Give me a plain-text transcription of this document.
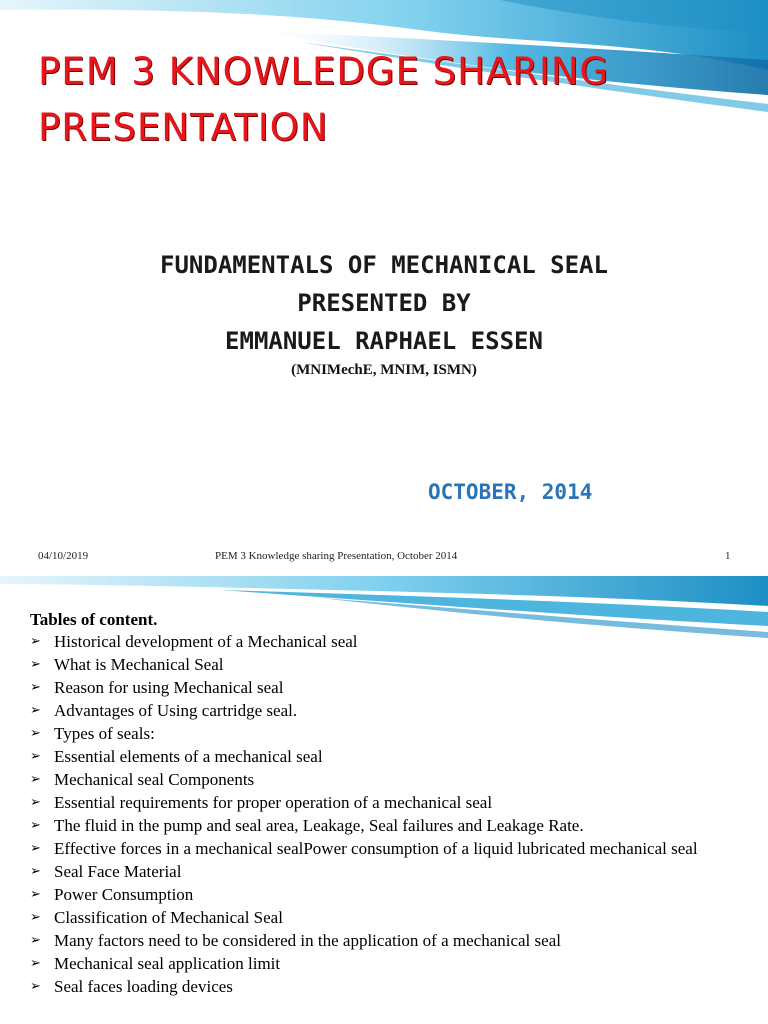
PEM 3 KNOWLEDGE SHARING PRESENTATION
FUNDAMENTALS OF MECHANICAL SEAL
PRESENTED BY
EMMANUEL RAPHAEL ESSEN
(MNIMechE, MNIM, ISMN)
OCTOBER, 2014
04/10/2019	PEM 3 Knowledge sharing Presentation, October 2014	1
Tables of content.
➢ Historical development of a Mechanical seal
➢ What is Mechanical Seal
➢ Reason for using Mechanical seal
➢ Advantages of Using cartridge seal.
➢ Types of seals:
➢ Essential elements of a mechanical seal
➢ Mechanical seal Components
➢ Essential requirements for proper operation of a mechanical seal
➢ The fluid in the pump and seal area, Leakage, Seal failures and Leakage Rate.
➢ Effective forces in a mechanical sealPower consumption of a liquid lubricated mechanical seal
➢ Seal Face Material
➢ Power Consumption
➢ Classification of Mechanical Seal
➢ Many factors need to be considered in the application of a mechanical seal
➢ Mechanical seal application limit
➢ Seal faces loading devices
